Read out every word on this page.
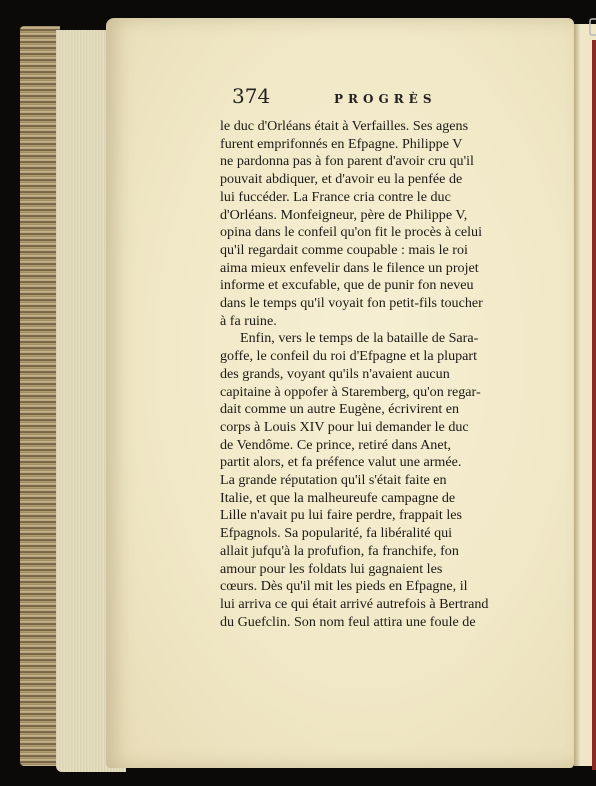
374	PROGRÈS
le duc d'Orléans était à Verfailles. Ses agens
furent emprifonnés en Efpagne. Philippe V
ne pardonna pas à fon parent d'avoir cru qu'il
pouvait abdiquer, et d'avoir eu la penfée de
lui fuccéder. La France cria contre le duc
d'Orléans. Monfeigneur, père de Philippe V,
opina dans le confeil qu'on fit le procès à celui
qu'il regardait comme coupable : mais le roi
aima mieux enfevelir dans le filence un projet
informe et excufable, que de punir fon neveu
dans le temps qu'il voyait fon petit-fils toucher
à fa ruine.
Enfin, vers le temps de la bataille de Sara-
goffe, le confeil du roi d'Efpagne et la plupart
des grands, voyant qu'ils n'avaient aucun
capitaine à oppofer à Staremberg, qu'on regar-
dait comme un autre Eugène, écrivirent en
corps à Louis XIV pour lui demander le duc
de Vendôme. Ce prince, retiré dans Anet,
partit alors, et fa préfence valut une armée.
La grande réputation qu'il s'était faite en
Italie, et que la malheureufe campagne de
Lille n'avait pu lui faire perdre, frappait les
Efpagnols. Sa popularité, fa libéralité qui
allait jufqu'à la profufion, fa franchife, fon
amour pour les foldats lui gagnaient les
cœurs. Dès qu'il mit les pieds en Efpagne, il
lui arriva ce qui était arrivé autrefois à Bertrand
du Guefclin. Son nom feul attira une foule de
